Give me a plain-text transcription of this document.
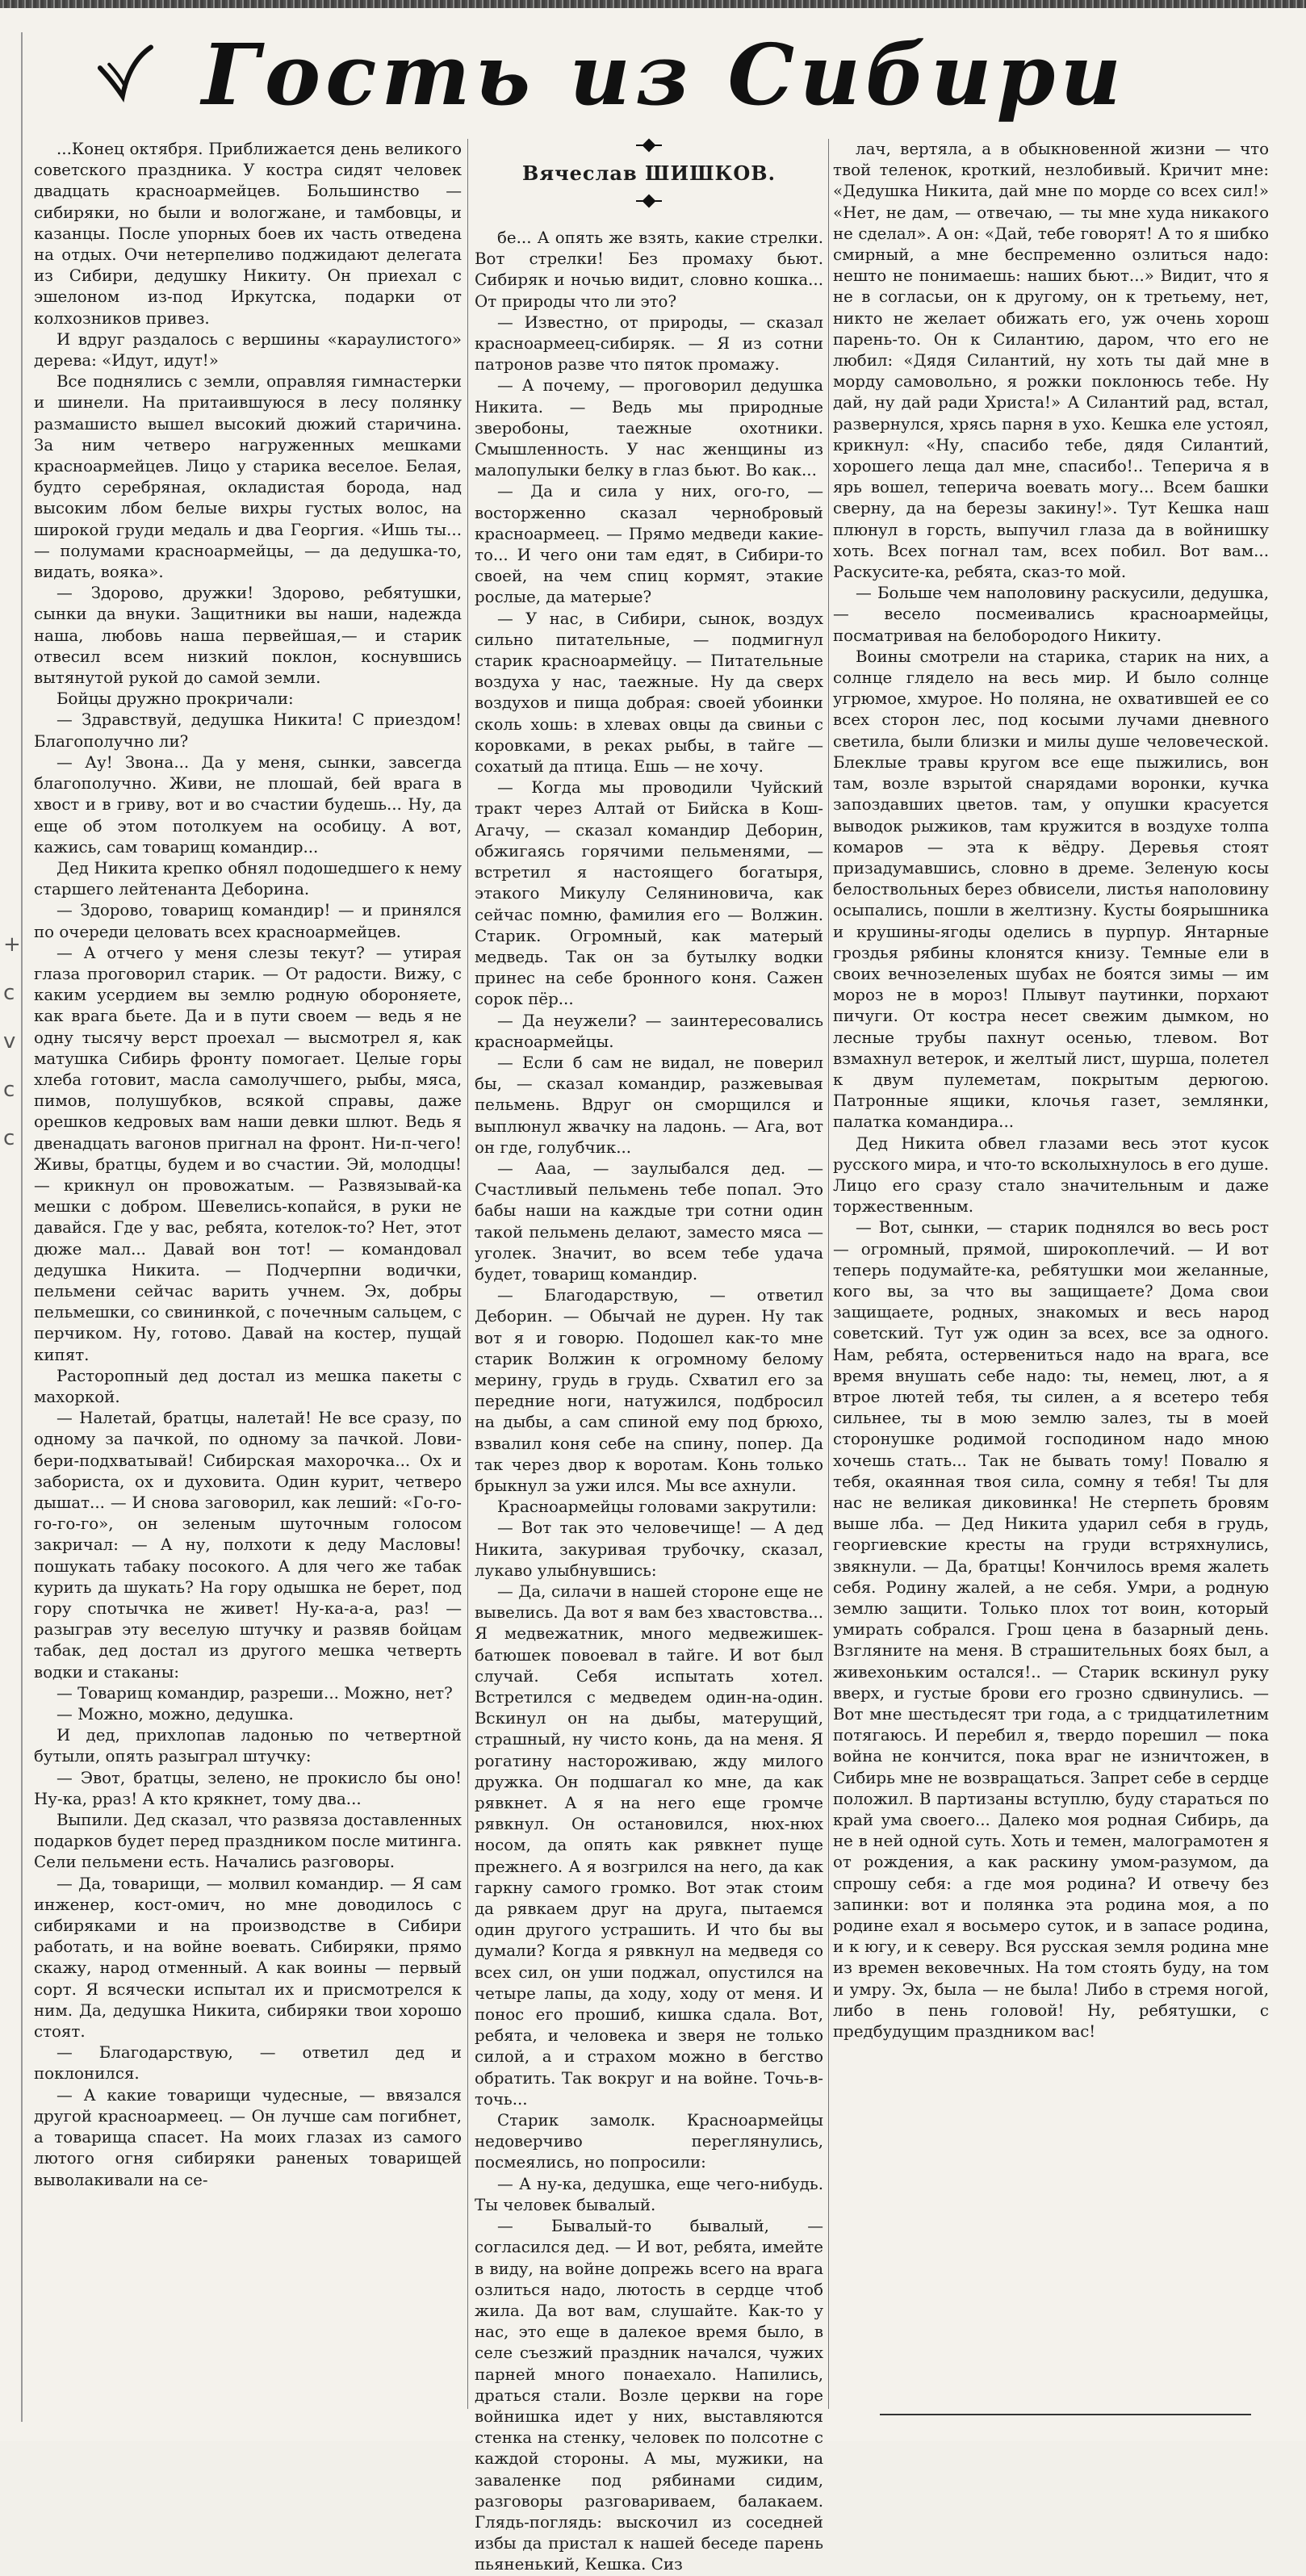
+
c
v
c
c
Гость из Сибири

...Конец октября. Приближается день великого советского праздника. У костра сидят человек двадцать красноармейцев. Большинство — сибиряки, но были и вологжане, и тамбовцы, и казанцы. После упорных боев их часть отведена на отдых. Очи нетерпеливо поджидают делегата из Сибири, дедушку Никиту. Он приехал с эшелоном из-под Иркутска, подарки от колхозников привез.

И вдруг раздалось с вершины «караулистого» дерева: «Идут, идут!»

Все поднялись с земли, оправляя гимнастерки и шинели. На притаившуюся в лесу полянку размашисто вышел высокий дюжий старичина. За ним четверо нагруженных мешками красноармейцев. Лицо у старика веселое. Белая, будто серебряная, окладистая борода, над высоким лбом белые вихры густых волос, на широкой груди медаль и два Георгия. «Ишь ты... — полумами красноармейцы, — да дедушка-то, видать, вояка».

— Здорово, дружки! Здорово, ребятушки, сынки да внуки. Защитники вы наши, надежда наша, любовь наша первейшая,— и старик отвесил всем низкий поклон, коснувшись вытянутой рукой до самой земли.

Бойцы дружно прокричали:

— Здравствуй, дедушка Никита! С приездом! Благополучно ли?

— Ау! Звона... Да у меня, сынки, завсегда благополучно. Живи, не плошай, бей врага в хвост и в гриву, вот и во счастии будешь... Ну, да еще об этом потолкуем на особицу. А вот, кажись, сам товарищ командир...

Дед Никита крепко обнял подошедшего к нему старшего лейтенанта Деборина.

— Здорово, товарищ командир! — и принялся по очереди целовать всех красноармейцев.

— А отчего у меня слезы текут? — утирая глаза проговорил старик. — От радости. Вижу, с каким усердием вы землю родную обороняете, как врага бьете. Да и в пути своем — ведь я не одну тысячу верст проехал — высмотрел я, как матушка Сибирь фронту помогает. Целые горы хлеба готовит, масла самолучшего, рыбы, мяса, пимов, полушубков, всякой справы, даже орешков кедровых вам наши девки шлют. Ведь я двенадцать вагонов пригнал на фронт. Ни-п-чего! Живы, братцы, будем и во счастии. Эй, молодцы! — крикнул он провожатым. — Развязывай-ка мешки с добром. Шевелись-копайся, в руки не давайся. Где у вас, ребята, котелок-то? Нет, этот дюже мал... Давай вон тот! — командовал дедушка Никита. — Подчерпни водички, пельмени сейчас варить учнем. Эх, добры пельмешки, со свининкой, с почечным сальцем, с перчиком. Ну, готово. Давай на костер, пущай кипят.

Расторопный дед достал из мешка пакеты с махоркой.

— Налетай, братцы, налетай! Не все сразу, по одному за пачкой, по одному за пачкой. Лови-бери-подхватывай! Сибирская махорочка... Ох и забориста, ох и духовита. Один курит, четверо дышат... — И снова заговорил, как леший: «Го-го-го-го-го», он зеленым шуточным голосом закричал: — А ну, полхоти к деду Масловы! пошукать табаку посокого. А для чего же табак курить да шукать? На гору одышка не берет, под гору спотычка не живет! Ну-ка-а-а, раз! — разыграв эту веселую штучку и развяв бойцам табак, дед достал из другого мешка четверть водки и стаканы:

— Товарищ командир, разреши... Можно, нет?

— Можно, можно, дедушка.

И дед, прихлопав ладонью по четвертной бутыли, опять разыграл штучку:

— Эвот, братцы, зелено, не прокисло бы оно! Ну-ка, рраз! А кто крякнет, тому два...

Выпили. Дед сказал, что развяза доставленных подарков будет перед праздником после митинга. Сели пельмени есть. Начались разговоры.

— Да, товарищи, — молвил командир. — Я сам инженер, кост-омич, но мне доводилось с сибиряками и на производстве в Сибири работать, и на войне воевать. Сибиряки, прямо скажу, народ отменный. А как воины — первый сорт. Я всячески испытал их и присмотрелся к ним. Да, дедушка Никита, сибиряки твои хорошо стоят.

— Благодарствую, — ответил дед и поклонился.

— А какие товарищи чудесные, — ввязался другой красноармеец. — Он лучше сам погибнет, а товарища спасет. На моих глазах из самого лютого огня сибиряки раненых товарищей выволакивали на се-

Вячеслав ШИШКОВ.

бе... А опять же взять, какие стрелки. Вот стрелки! Без промаху бьют. Сибиряк и ночью видит, словно кошка... От природы что ли это?

— Известно, от природы, — сказал красноармеец-сибиряк. — Я из сотни патронов разве что пяток промажу.

— А почему, — проговорил дедушка Никита. — Ведь мы природные зверобоны, таежные охотники. Смышленность. У нас женщины из малопулыки белку в глаз бьют. Во как...

— Да и сила у них, ого-го, — восторженно сказал чернобровый красноармеец. — Прямо медведи какие-то... И чего они там едят, в Сибири-то своей, на чем спиц кормят, этакие рослые, да матерые?

— У нас, в Сибири, сынок, воздух сильно питательные, — подмигнул старик красноармейцу. — Питательные воздуха у нас, таежные. Ну да сверх воздухов и пища добрая: своей убоинки сколь хошь: в хлевах овцы да свиньи с коровками, в реках рыбы, в тайге — сохатый да птица. Ешь — не хочу.

— Когда мы проводили Чуйский тракт через Алтай от Бийска в Кош-Агачу, — сказал командир Деборин, обжигаясь горячими пельменями, — встретил я настоящего богатыря, этакого Микулу Селяниновича, как сейчас помню, фамилия его — Волжин. Старик. Огромный, как матерый медведь. Так он за бутылку водки принес на себе бронного коня. Сажен сорок пёр...

— Да неужели? — заинтересовались красноармейцы.

— Если б сам не видал, не поверил бы, — сказал командир, разжевывая пельмень. Вдруг он сморщился и выплюнул жвачку на ладонь. — Ага, вот он где, голубчик...

— Ааа, — заулыбался дед. — Счастливый пельмень тебе попал. Это бабы наши на каждые три сотни один такой пельмень делают, заместо мяса — уголек. Значит, во всем тебе удача будет, товарищ командир.

— Благодарствую, — ответил Деборин. — Обычай не дурен. Ну так вот я и говорю. Подошел как-то мне старик Волжин к огромному белому мерину, грудь в грудь. Схватил его за передние ноги, натужился, подбросил на дыбы, а сам спиной ему под брюхо, взвалил коня себе на спину, попер. Да так через двор к воротам. Конь только брыкнул за ужи ился. Мы все ахнули.

Красноармейцы головами закрутили:

— Вот так это человечище! — А дед Никита, закуривая трубочку, сказал, лукаво улыбнувшись:

— Да, силачи в нашей стороне еще не вывелись. Да вот я вам без хвастовства... Я медвежатник, много медвежишек-батюшек повоевал в тайге. И вот был случай. Себя испытать хотел. Встретился с медведем один-на-один. Вскинул он на дыбы, матерущий, страшный, ну чисто конь, да на меня. Я рогатину настороживаю, жду милого дружка. Он подшагал ко мне, да как рявкнет. А я на него еще громче рявкнул. Он остановился, нюх-нюх носом, да опять как рявкнет пуще прежнего. А я возгрился на него, да как гаркну самого громко. Вот этак стоим да рявкаем друг на друга, пытаемся один другого устрашить. И что бы вы думали? Когда я рявкнул на медведя со всех сил, он уши поджал, опустился на четыре лапы, да ходу, ходу от меня. И понос его прошиб, кишка сдала. Вот, ребята, и человека и зверя не только силой, а и страхом можно в бегство обратить. Так вокруг и на войне. Точь-в-точь...

Старик замолк. Красноармейцы недоверчиво переглянулись, посмеялись, но попросили:

— А ну-ка, дедушка, еще чего-нибудь. Ты человек бывалый.

— Бывалый-то бывалый, — согласился дед. — И вот, ребята, имейте в виду, на войне допрежь всего на врага озлиться надо, лютость в сердце чтоб жила. Да вот вам, слушайте. Как-то у нас, это еще в далекое время было, в селе съезжий праздник начался, чужих парней много понаехало. Напились, драться стали. Возле церкви на горе войнишка идет у них, выставляются стенка на стенку, человек по полсотне с каждой стороны. А мы, мужики, на заваленке под рябинами сидим, разговоры разговариваем, балакаем. Глядь-поглядь: выскочил из соседней избы да пристал к нашей беседе парень пьяненький, Кешка. Сиз

лач, вертяла, а в обыкновенной жизни — что твой теленок, кроткий, незлобивый. Кричит мне: «Дедушка Никита, дай мне по морде со всех сил!» «Нет, не дам, — отвечаю, — ты мне худа никакого не сделал». А он: «Дай, тебе говорят! А то я шибко смирный, а мне беспременно озлиться надо: нешто не понимаешь: наших бьют...» Видит, что я не в согласьи, он к другому, он к третьему, нет, никто не желает обижать его, уж очень хорош парень-то. Он к Силантию, даром, что его не любил: «Дядя Силантий, ну хоть ты дай мне в морду самовольно, я рожки поклонюсь тебе. Ну дай, ну дай ради Христа!» А Силантий рад, встал, развернулся, хрясь парня в ухо. Кешка еле устоял, крикнул: «Ну, спасибо тебе, дядя Силантий, хорошего леща дал мне, спасибо!.. Теперича я в ярь вошел, теперича воевать могу... Всем башки сверну, да на березы закину!». Тут Кешка наш плюнул в горсть, выпучил глаза да в войнишку хоть. Всех погнал там, всех побил. Вот вам... Раскусите-ка, ребята, сказ-то мой.

— Больше чем наполовину раскусили, дедушка, — весело посмеивались красноармейцы, посматривая на белобородого Никиту.

Воины смотрели на старика, старик на них, а солнце глядело на весь мир. И было солнце угрюмое, хмурое. Но поляна, не охватившей ее со всех сторон лес, под косыми лучами дневного светила, были близки и милы душе человеческой. Блеклые травы кругом все еще пыжились, вон там, возле взрытой снарядами воронки, кучка запоздавших цветов. там, у опушки красуется выводок рыжиков, там кружится в воздухе толпа комаров — эта к вёдру. Деревья стоят призадумавшись, словно в дреме. Зеленую косы белоствольных берез обвисели, листья наполовину осыпались, пошли в желтизну. Кусты боярышника и крушины-ягоды оделись в пурпур. Янтарные гроздья рябины клонятся книзу. Темные ели в своих вечнозеленых шубах не боятся зимы — им мороз не в мороз! Плывут паутинки, порхают пичуги. От костра несет свежим дымком, но лесные трубы пахнут осенью, тлевом. Вот взмахнул ветерок, и желтый лист, шурша, полетел к двум пулеметам, покрытым дерюгою. Патронные ящики, клочья газет, землянки, палатка командира...

Дед Никита обвел глазами весь этот кусок русского мира, и что-то всколыхнулось в его душе. Лицо его сразу стало значительным и даже торжественным.

— Вот, сынки, — старик поднялся во весь рост — огромный, прямой, широкоплечий. — И вот теперь подумайте-ка, ребятушки мои желанные, кого вы, за что вы защищаете? Дома свои защищаете, родных, знакомых и весь народ советский. Тут уж один за всех, все за одного. Нам, ребята, остервениться надо на врага, все время внушать себе надо: ты, немец, лют, а я втрое лютей тебя, ты силен, а я всетеро тебя сильнее, ты в мою землю залез, ты в моей сторонушке родимой господином надо мною хочешь стать... Так не бывать тому! Повалю я тебя, окаянная твоя сила, сомну я тебя! Ты для нас не великая диковинка! Не стерпеть бровям выше лба. — Дед Никита ударил себя в грудь, георгиевские кресты на груди встряхнулись, звякнули. — Да, братцы! Кончилось время жалеть себя. Родину жалей, а не себя. Умри, а родную землю защити. Только плох тот воин, который умирать собрался. Грош цена в базарный день. Взгляните на меня. В страшительных боях был, а живехоньким остался!.. — Старик вскинул руку вверх, и густые брови его грозно сдвинулись. — Вот мне шестьдесят три года, а с тридцатилетним потягаюсь. И перебил я, твердо порешил — пока война не кончится, пока враг не изничтожен, в Сибирь мне не возвращаться. Запрет себе в сердце положил. В партизаны вступлю, буду стараться по край ума своего... Далеко моя родная Сибирь, да не в ней одной суть. Хоть и темен, малограмотен я от рождения, а как раскину умом-разумом, да спрошу себя: а где моя родина? И отвечу без запинки: вот и полянка эта родина моя, а по родине ехал я восьмеро суток, и в запасе родина, и к югу, и к северу. Вся русская земля родина мне из времен вековечных. На том стоять буду, на том и умру. Эх, была — не была! Либо в стремя ногой, либо в пень головой! Ну, ребятушки, с предбудущим праздником вас!
